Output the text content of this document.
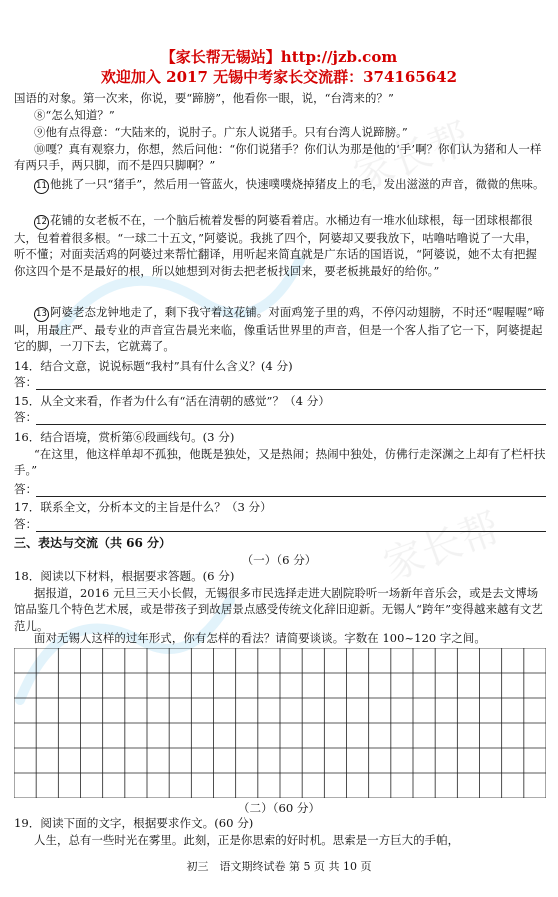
家长帮
家长帮
【家长帮无锡站】http://jzb.com
欢迎加入 2017 无锡中考家长交流群：374165642

国语的对象。第一次来，你说，要“蹄膀”，他看你一眼，说，“台湾来的？”

⑧“怎么知道？”

⑨他有点得意：“大陆来的，说肘子。广东人说猪手。只有台湾人说蹄膀。”

⑩嘎？真有观察力，你想，然后问他：“你们说猪手？你们认为那是他的‘手’啊？你们认为猪和人一样有两只手，两只脚，而不是四只脚啊？”

11 他挑了一只“猪手”，然后用一管蓝火，快速噗噗烧掉猪皮上的毛，发出滋滋的声音，微微的焦味。

12 花铺的女老板不在，一个脑后梳着发髻的阿婆看着店。水桶边有一堆水仙球根，每一团球根都很大，包着着很多根。“一球二十五文，”阿婆说。我挑了四个，阿婆却又要我放下，咕噜咕噜说了一大串，听不懂；对面卖活鸡的阿婆过来帮忙翻译，用听起来简直就是广东话的国语说，“阿婆说，她不太有把握你这四个是不是最好的根，所以她想到对街去把老板找回来，要老板挑最好的给你。”

13 阿婆老态龙钟地走了，剩下我守着这花铺。对面鸡笼子里的鸡，不停闪动翅膀，不时还“喔喔喔”啼叫，用最庄严、最专业的声音宣告晨光来临，像重话世界里的声音，但是一个客人指了它一下，阿婆提起它的脚，一刀下去，它就蔫了。

14．结合文意，说说标题“我村”具有什么含义？(4 分)
答：
15．从全文来看，作者为什么有“活在清朝的感觉”？（4 分）
答：
16．结合语境，赏析第⑥段画线句。(3 分)

“在这里，他这样单却不孤独，他既是独处，又是热闹；热闹中独处，仿佛行走深渊之上却有了栏杆扶手。”

答：
17．联系全文，分析本文的主旨是什么？（3 分）
答：
三、表达与交流（共 66 分）
（一）（6 分）
18．阅读以下材料，根据要求答题。(6 分)

据报道，2016 元旦三天小长假，无锡很多市民选择走进大剧院聆听一场新年音乐会，或是去文博场馆品鉴几个特色艺术展，或是带孩子到故居景点感受传统文化辞旧迎新。无锡人“跨年”变得越来越有文艺范儿。

面对无锡人这样的过年形式，你有怎样的看法？请简要谈谈。字数在 100~120 字之间。

（二）（60 分）
19．阅读下面的文字，根据要求作文。(60 分)

人生，总有一些时光在雾里。此刻，正是你思索的好时机。思索是一方巨大的手帕，

初三　语文期终试卷 第 5 页 共 10 页
